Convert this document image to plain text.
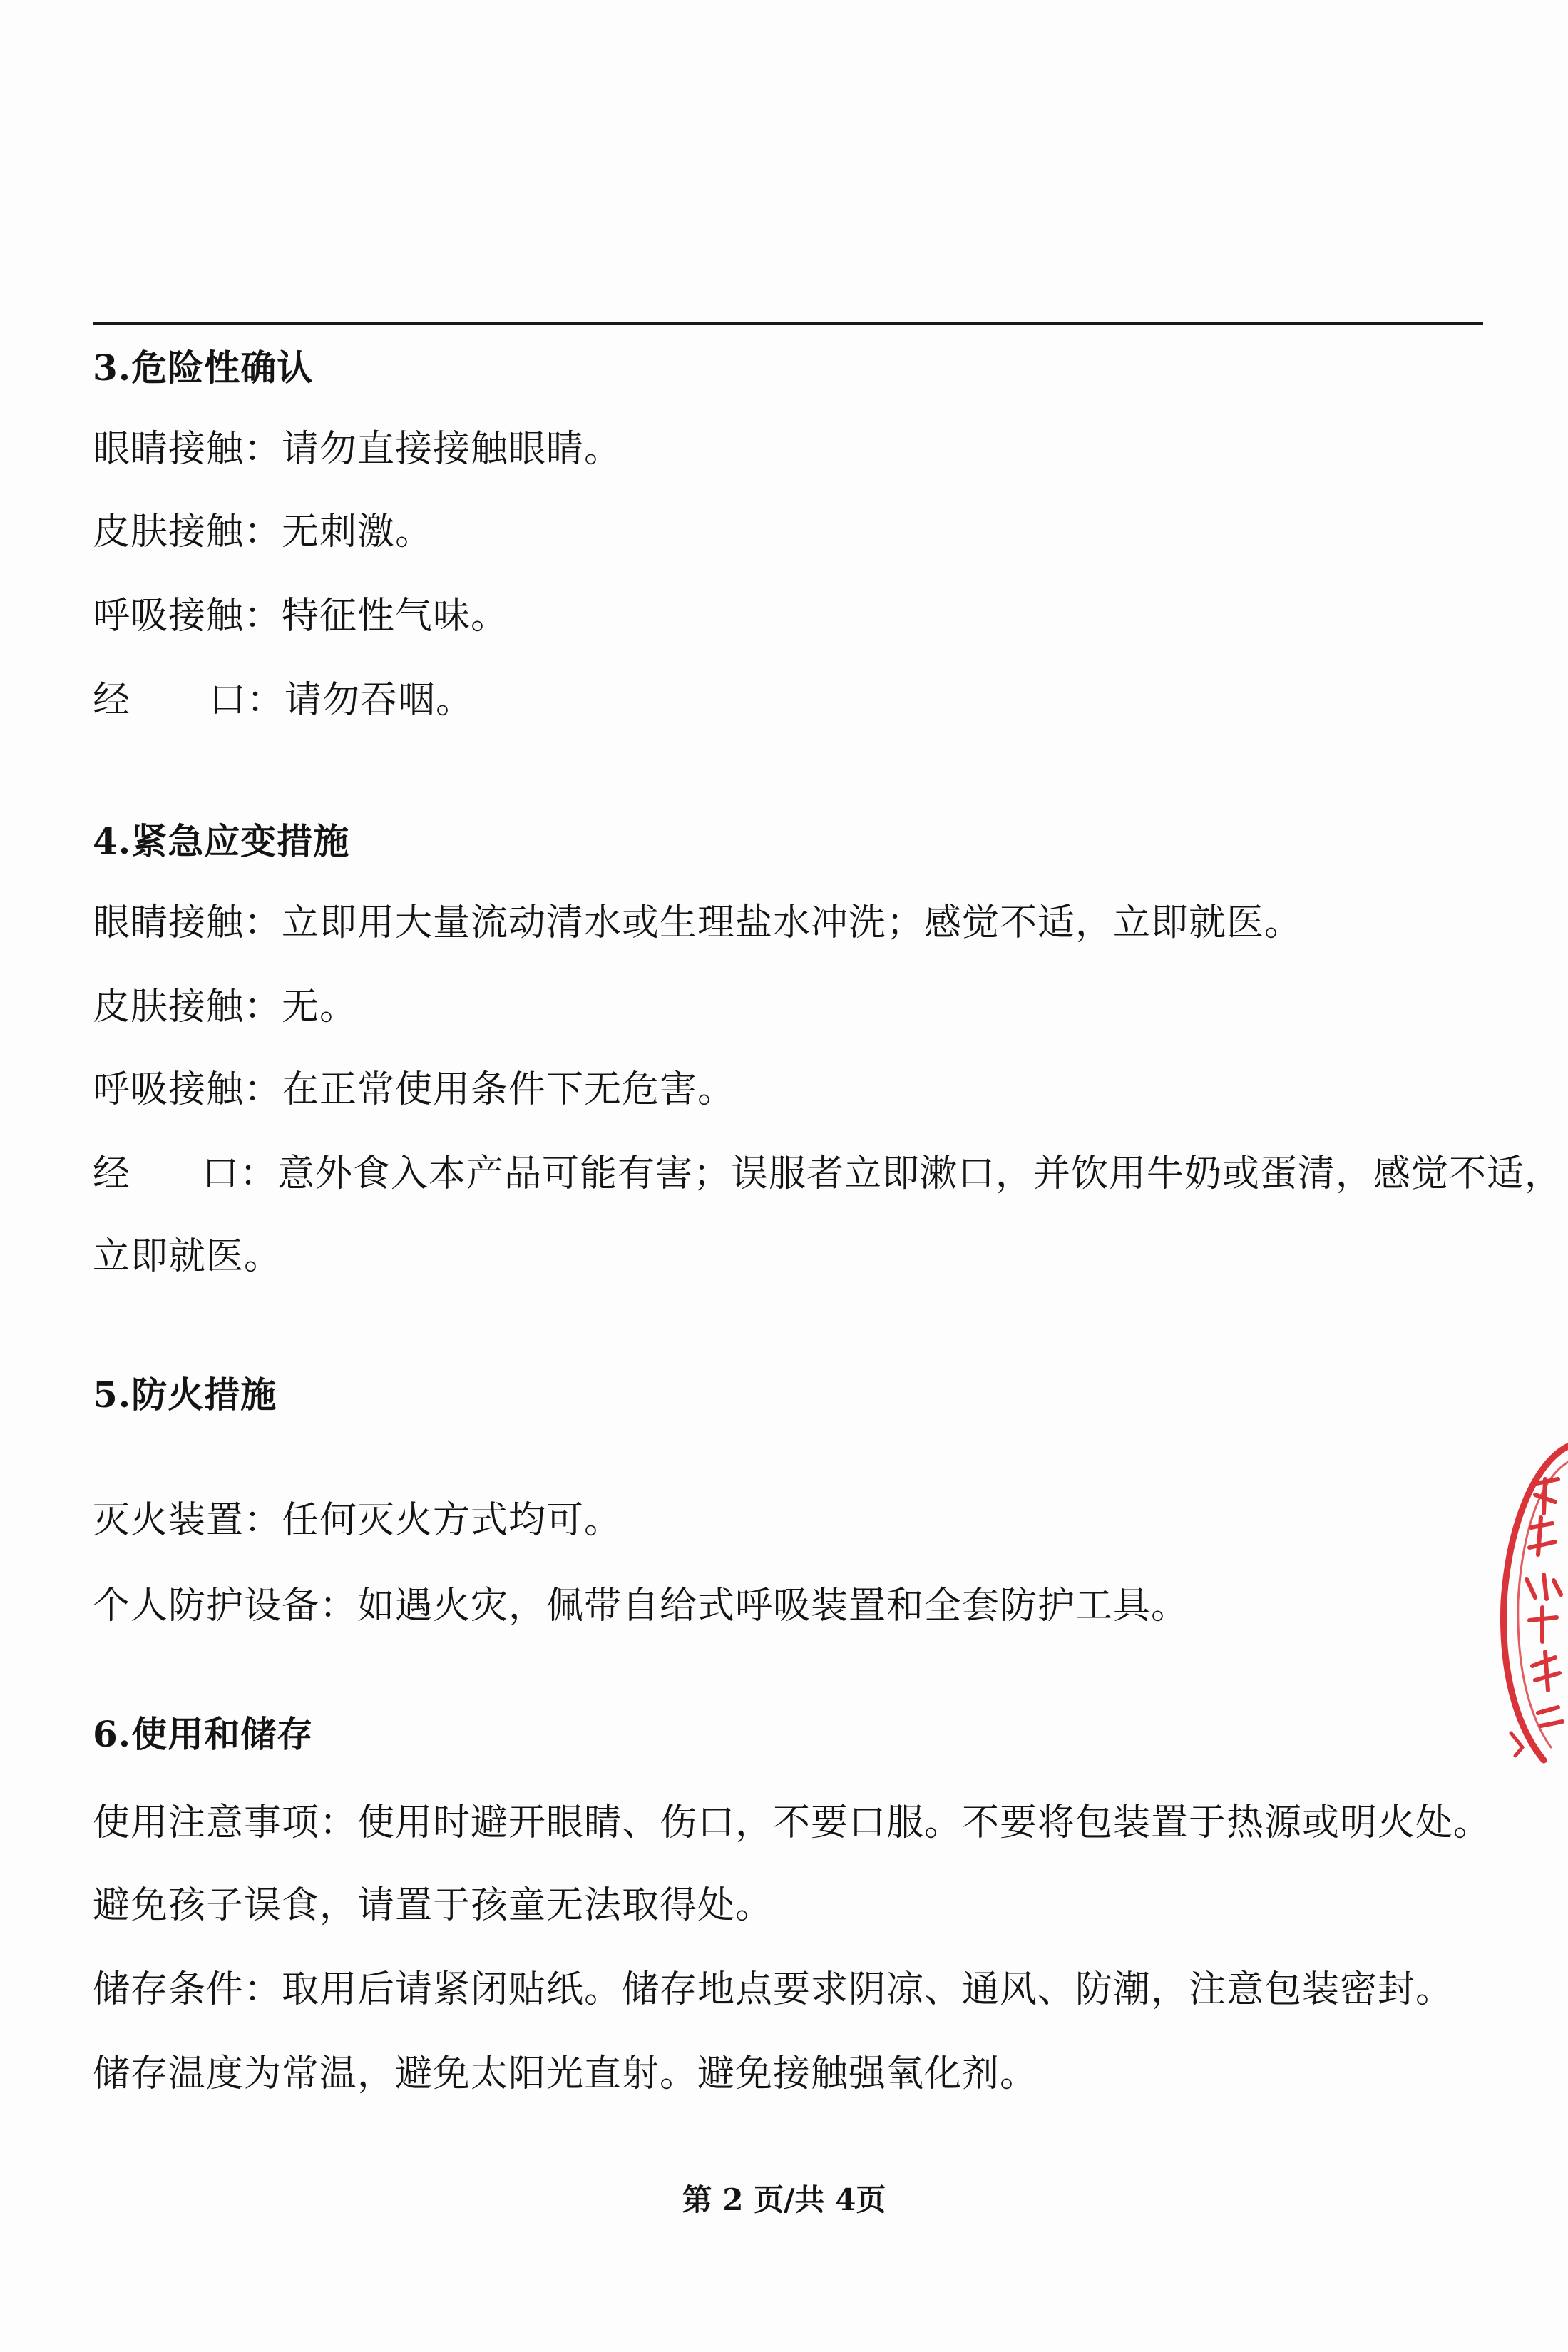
3.危险性确认
眼睛接触：请勿直接接触眼睛。
皮肤接触：无刺激。
呼吸接触：特征性气味。
经 口：请勿吞咽。
4.紧急应变措施
眼睛接触：立即用大量流动清水或生理盐水冲洗；感觉不适，立即就医。
皮肤接触：无。
呼吸接触：在正常使用条件下无危害。
经 口：意外食入本产品可能有害；误服者立即漱口，并饮用牛奶或蛋清，感觉不适，
立即就医。
5.防火措施
灭火装置：任何灭火方式均可。
个人防护设备：如遇火灾，佩带自给式呼吸装置和全套防护工具。
6.使用和储存
使用注意事项：使用时避开眼睛、伤口，不要口服。不要将包装置于热源或明火处。
避免孩子误食，请置于孩童无法取得处。
储存条件：取用后请紧闭贴纸。储存地点要求阴凉、通风、防潮，注意包装密封。
储存温度为常温，避免太阳光直射。避免接触强氧化剂。
第 2 页/共 4页
